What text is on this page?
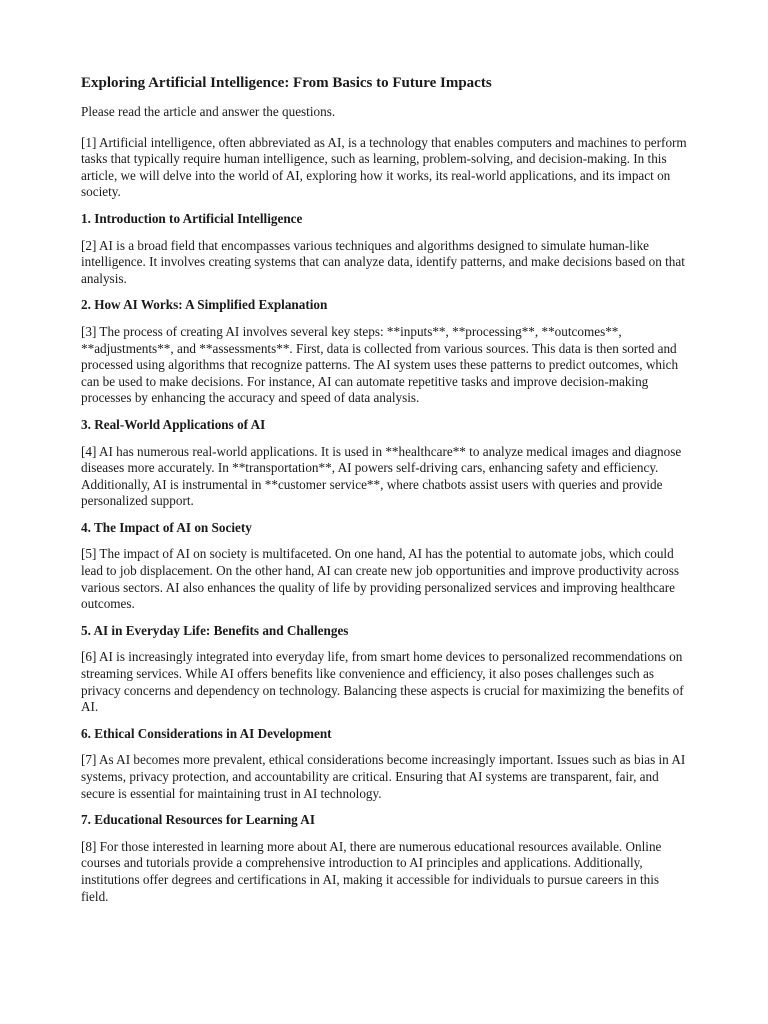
Exploring Artificial Intelligence: From Basics to Future Impacts

Please read the article and answer the questions.

[1] Artificial intelligence, often abbreviated as AI, is a technology that enables computers and machines to perform tasks that typically require human intelligence, such as learning, problem-solving, and decision-making. In this article, we will delve into the world of AI, exploring how it works, its real-world applications, and its impact on society.

1. Introduction to Artificial Intelligence

[2] AI is a broad field that encompasses various techniques and algorithms designed to simulate human-like intelligence. It involves creating systems that can analyze data, identify patterns, and make decisions based on that analysis.

2. How AI Works: A Simplified Explanation

[3] The process of creating AI involves several key steps: **inputs**, **processing**, **outcomes**, **adjustments**, and **assessments**. First, data is collected from various sources. This data is then sorted and processed using algorithms that recognize patterns. The AI system uses these patterns to predict outcomes, which can be used to make decisions. For instance, AI can automate repetitive tasks and improve decision-making processes by enhancing the accuracy and speed of data analysis.

3. Real-World Applications of AI

[4] AI has numerous real-world applications. It is used in **healthcare** to analyze medical images and diagnose diseases more accurately. In **transportation**, AI powers self-driving cars, enhancing safety and efficiency. Additionally, AI is instrumental in **customer service**, where chatbots assist users with queries and provide personalized support.

4. The Impact of AI on Society

[5] The impact of AI on society is multifaceted. On one hand, AI has the potential to automate jobs, which could lead to job displacement. On the other hand, AI can create new job opportunities and improve productivity across various sectors. AI also enhances the quality of life by providing personalized services and improving healthcare outcomes.

5. AI in Everyday Life: Benefits and Challenges

[6] AI is increasingly integrated into everyday life, from smart home devices to personalized recommendations on streaming services. While AI offers benefits like convenience and efficiency, it also poses challenges such as privacy concerns and dependency on technology. Balancing these aspects is crucial for maximizing the benefits of AI.

6. Ethical Considerations in AI Development

[7] As AI becomes more prevalent, ethical considerations become increasingly important. Issues such as bias in AI systems, privacy protection, and accountability are critical. Ensuring that AI systems are transparent, fair, and secure is essential for maintaining trust in AI technology.

7. Educational Resources for Learning AI

[8] For those interested in learning more about AI, there are numerous educational resources available. Online courses and tutorials provide a comprehensive introduction to AI principles and applications. Additionally, institutions offer degrees and certifications in AI, making it accessible for individuals to pursue careers in this field.
